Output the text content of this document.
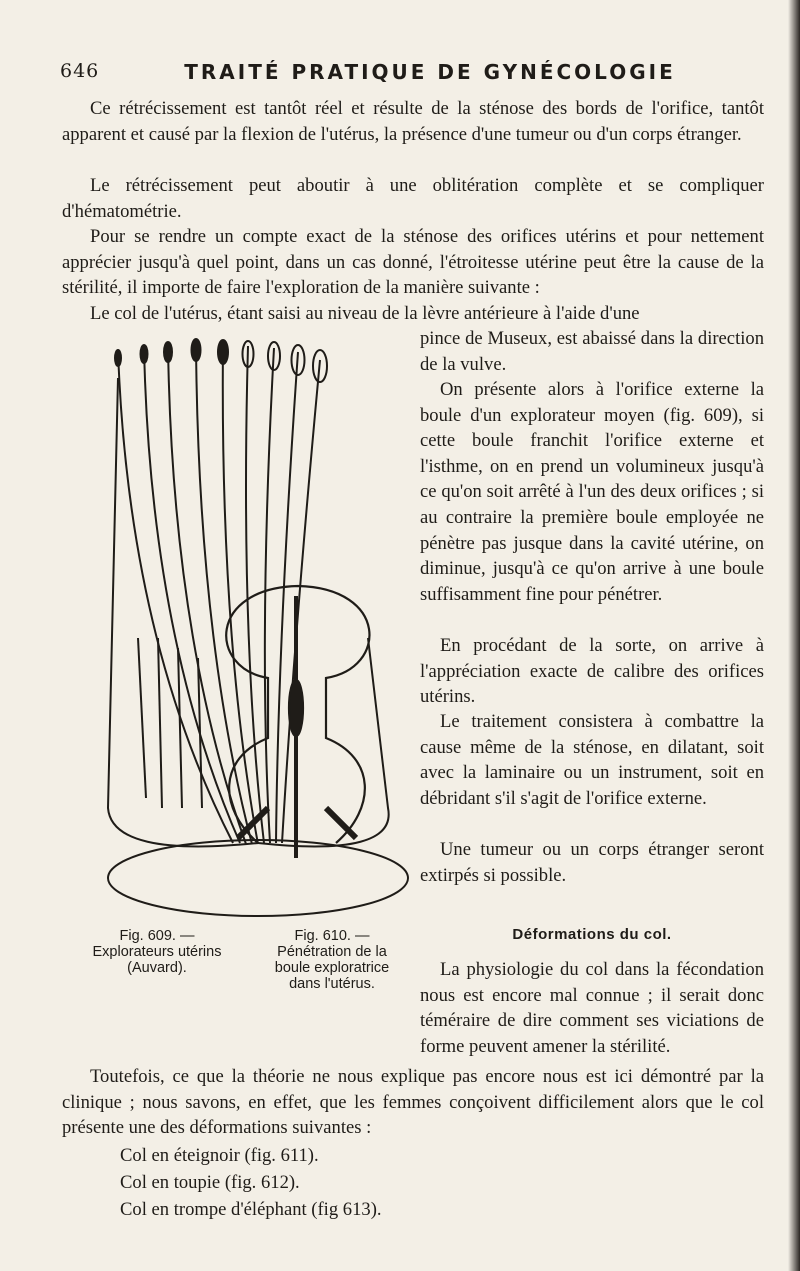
646	TRAITÉ PRATIQUE DE GYNÉCOLOGIE
Ce rétrécissement est tantôt réel et résulte de la sténose des bords de l'orifice, tantôt apparent et causé par la flexion de l'utérus, la présence d'une tumeur ou d'un corps étranger.
Le rétrécissement peut aboutir à une oblitération complète et se compliquer d'hématométrie.
Pour se rendre un compte exact de la sténose des orifices utérins et pour nettement apprécier jusqu'à quel point, dans un cas donné, l'étroitesse utérine peut être la cause de la stérilité, il importe de faire l'exploration de la manière suivante :
Le col de l'utérus, étant saisi au niveau de la lèvre antérieure à l'aide d'une
pince de Museux, est abaissé dans la direction de la vulve.
On présente alors à l'orifice externe la boule d'un explorateur moyen (fig. 609), si cette boule franchit l'orifice externe et l'isthme, on en prend un volumineux jusqu'à ce qu'on soit arrêté à l'un des deux orifices ; si au contraire la première boule employée ne pénètre pas jusque dans la cavité utérine, on diminue, jusqu'à ce qu'on arrive à une boule suffisamment fine pour pénétrer.
En procédant de la sorte, on arrive à l'appréciation exacte de calibre des orifices utérins.
Le traitement consistera à combattre la cause même de la sténose, en dilatant, soit avec la laminaire ou un instrument, soit en débridant s'il s'agit de l'orifice externe.
Une tumeur ou un corps étranger seront extirpés si possible.
Déformations du col.
La physiologie du col dans la fécondation nous est encore mal connue ; il serait donc téméraire de dire comment ses viciations de forme peuvent amener la stérilité.
Fig. 609. — Explorateurs utérins (Auvard).
Fig. 610. — Pénétration de la boule exploratrice dans l'utérus.
Toutefois, ce que la théorie ne nous explique pas encore nous est ici démontré par la clinique ; nous savons, en effet, que les femmes conçoivent difficilement alors que le col présente une des déformations suivantes :
Col en éteignoir (fig. 611).
Col en toupie (fig. 612).
Col en trompe d'éléphant (fig 613).
